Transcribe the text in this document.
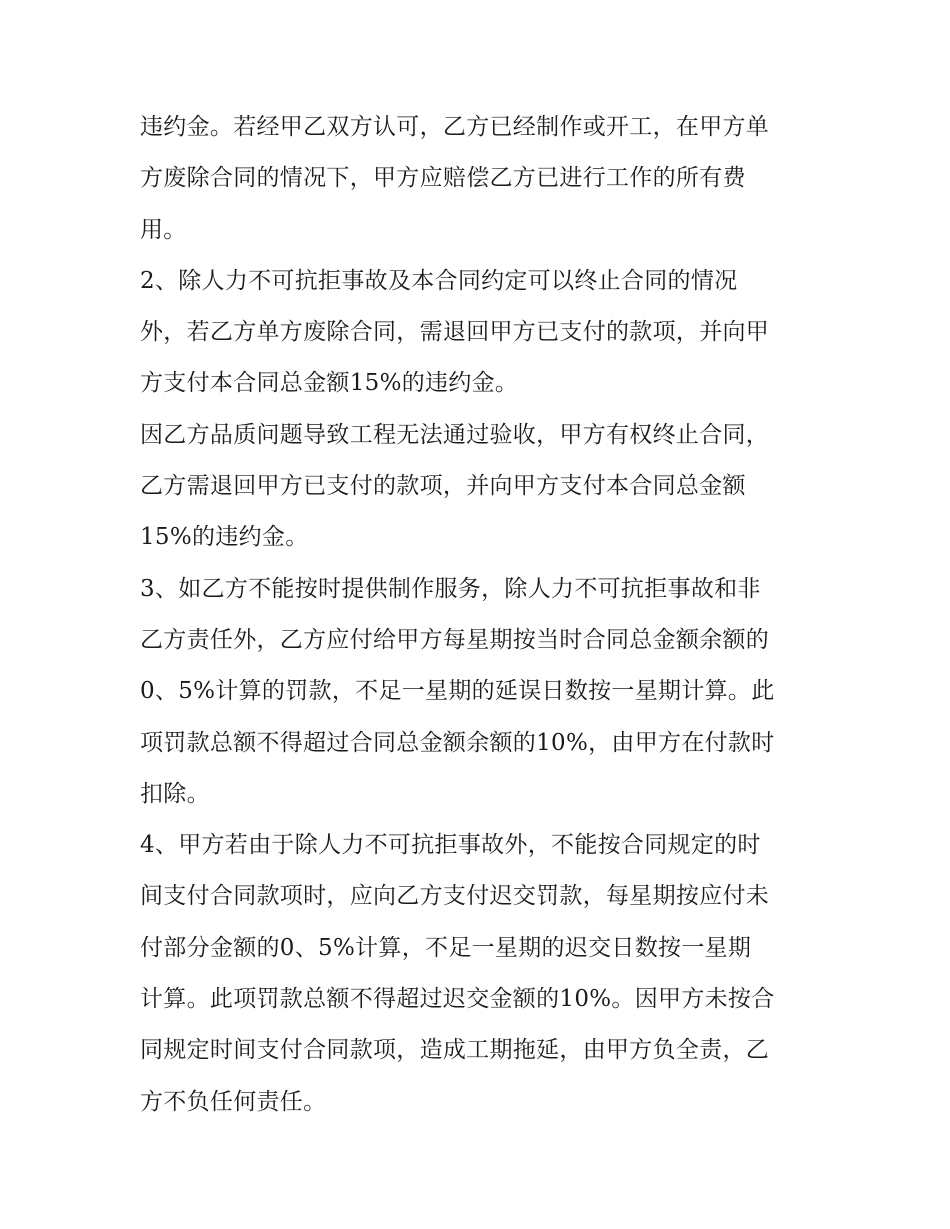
违约金。若经甲乙双方认可，乙方已经制作或开工，在甲方单
方废除合同的情况下，甲方应赔偿乙方已进行工作的所有费
用。
2、除人力不可抗拒事故及本合同约定可以终止合同的情况
外，若乙方单方废除合同，需退回甲方已支付的款项，并向甲
方支付本合同总金额15%的违约金。
因乙方品质问题导致工程无法通过验收，甲方有权终止合同，
乙方需退回甲方已支付的款项，并向甲方支付本合同总金额
15%的违约金。
3、如乙方不能按时提供制作服务，除人力不可抗拒事故和非
乙方责任外，乙方应付给甲方每星期按当时合同总金额余额的
0、5%计算的罚款，不足一星期的延误日数按一星期计算。此
项罚款总额不得超过合同总金额余额的10%，由甲方在付款时
扣除。
4、甲方若由于除人力不可抗拒事故外，不能按合同规定的时
间支付合同款项时，应向乙方支付迟交罚款，每星期按应付未
付部分金额的0、5%计算，不足一星期的迟交日数按一星期
计算。此项罚款总额不得超过迟交金额的10%。因甲方未按合
同规定时间支付合同款项，造成工期拖延，由甲方负全责，乙
方不负任何责任。
